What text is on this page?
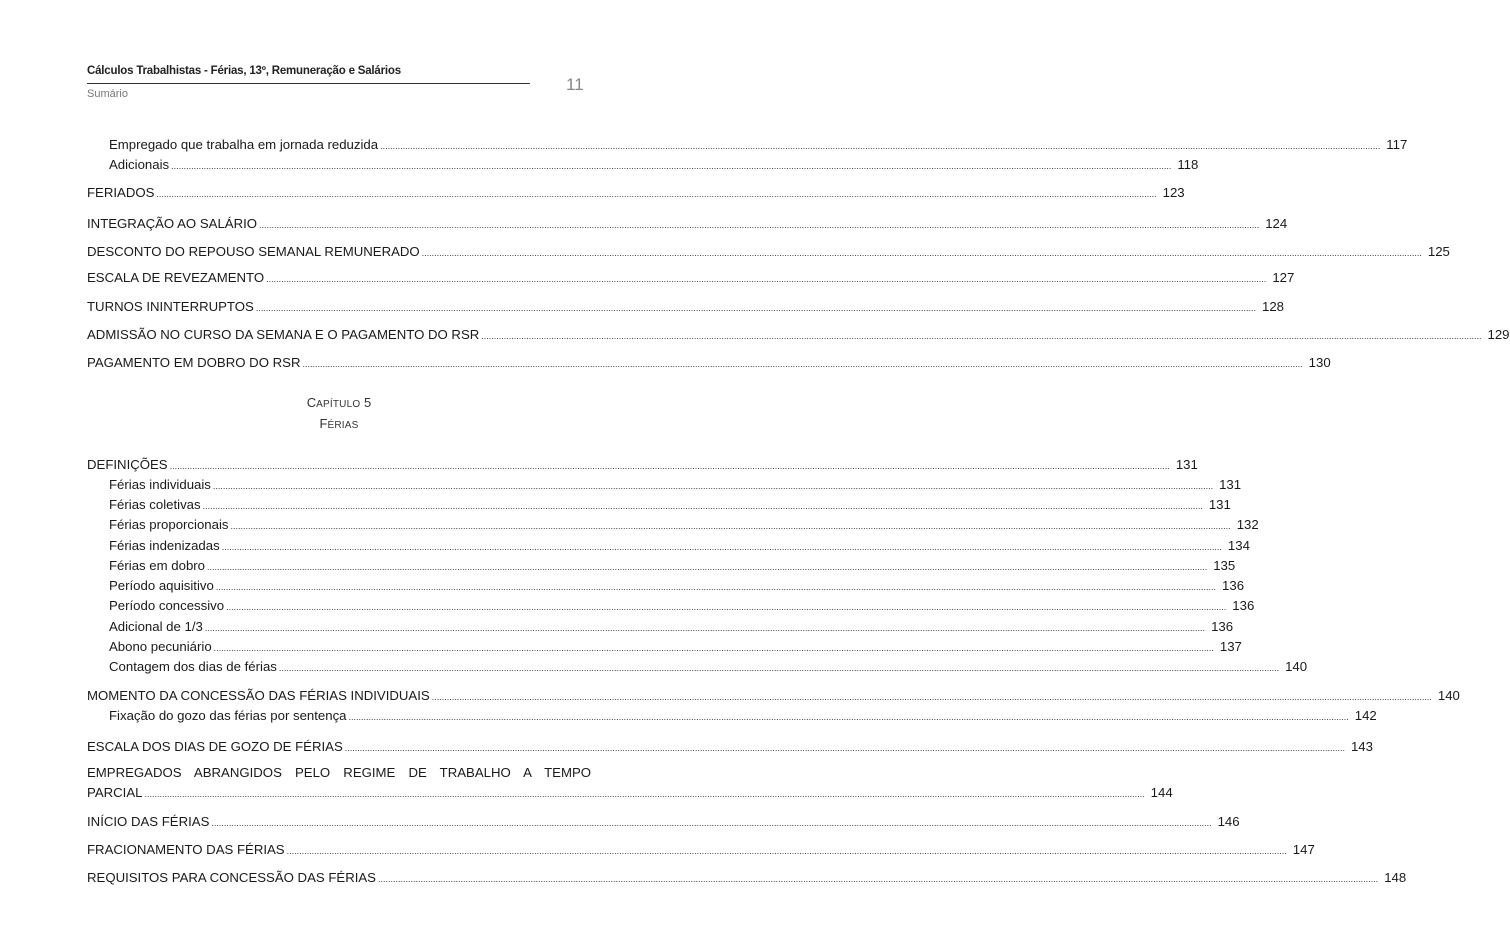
Cálculos Trabalhistas - Férias, 13º, Remuneração e Salários
Sumário	11
CAPÍTULO 5
FÉRIAS
Empregado que trabalha em jornada reduzida ................................................................................................................................................................................................................................................................................................................................................................................................................ 117
Adicionais ................................................................................................................................................................................................................................................................................................................................................................................................................ 118
FERIADOS ................................................................................................................................................................................................................................................................................................................................................................................................................ 123
INTEGRAÇÃO AO SALÁRIO ................................................................................................................................................................................................................................................................................................................................................................................................................ 124
DESCONTO DO REPOUSO SEMANAL REMUNERADO ................................................................................................................................................................................................................................................................................................................................................................................................................ 125
ESCALA DE REVEZAMENTO ................................................................................................................................................................................................................................................................................................................................................................................................................ 127
TURNOS ININTERRUPTOS ................................................................................................................................................................................................................................................................................................................................................................................................................ 128
ADMISSÃO NO CURSO DA SEMANA E O PAGAMENTO DO RSR ................................................................................................................................................................................................................................................................................................................................................................................................................ 129
PAGAMENTO EM DOBRO DO RSR ................................................................................................................................................................................................................................................................................................................................................................................................................ 130
DEFINIÇÕES ................................................................................................................................................................................................................................................................................................................................................................................................................ 131
Férias individuais ................................................................................................................................................................................................................................................................................................................................................................................................................ 131
Férias coletivas ................................................................................................................................................................................................................................................................................................................................................................................................................ 131
Férias proporcionais ................................................................................................................................................................................................................................................................................................................................................................................................................ 132
Férias indenizadas ................................................................................................................................................................................................................................................................................................................................................................................................................ 134
Férias em dobro ................................................................................................................................................................................................................................................................................................................................................................................................................ 135
Período aquisitivo ................................................................................................................................................................................................................................................................................................................................................................................................................ 136
Período concessivo ................................................................................................................................................................................................................................................................................................................................................................................................................ 136
Adicional de 1/3 ................................................................................................................................................................................................................................................................................................................................................................................................................ 136
Abono pecuniário ................................................................................................................................................................................................................................................................................................................................................................................................................ 137
Contagem dos dias de férias ................................................................................................................................................................................................................................................................................................................................................................................................................ 140
MOMENTO DA CONCESSÃO DAS FÉRIAS INDIVIDUAIS ................................................................................................................................................................................................................................................................................................................................................................................................................ 140
Fixação do gozo das férias por sentença ................................................................................................................................................................................................................................................................................................................................................................................................................ 142
ESCALA DOS DIAS DE GOZO DE FÉRIAS ................................................................................................................................................................................................................................................................................................................................................................................................................ 143
EMPREGADOS ABRANGIDOS PELO REGIME DE TRABALHO A TEMPO
PARCIAL ................................................................................................................................................................................................................................................................................................................................................................................................................ 144
INÍCIO DAS FÉRIAS ................................................................................................................................................................................................................................................................................................................................................................................................................ 146
FRACIONAMENTO DAS FÉRIAS ................................................................................................................................................................................................................................................................................................................................................................................................................ 147
REQUISITOS PARA CONCESSÃO DAS FÉRIAS ................................................................................................................................................................................................................................................................................................................................................................................................................ 148
